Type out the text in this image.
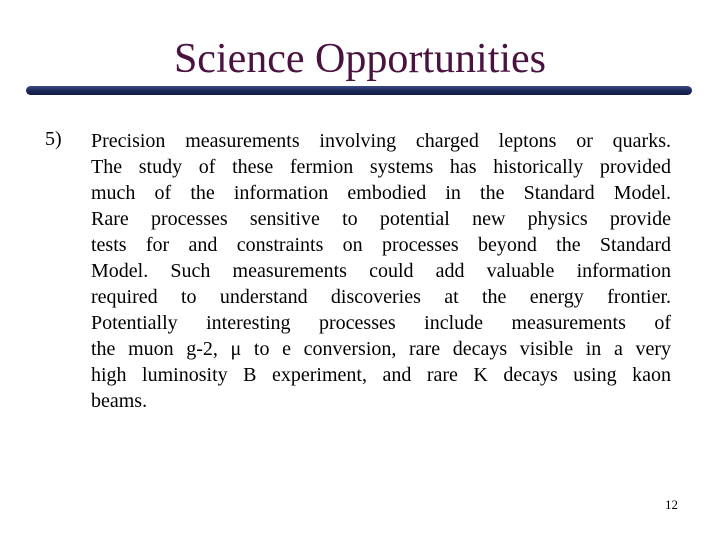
Science Opportunities
5) Precision measurements involving charged leptons or quarks.
The study of these fermion systems has historically provided
much of the information embodied in the Standard Model.
Rare processes sensitive to potential new physics provide
tests for and constraints on processes beyond the Standard
Model. Such measurements could add valuable information
required to understand discoveries at the energy frontier.
Potentially interesting processes include measurements of
the muon g-2, μ to e conversion, rare decays visible in a very
high luminosity B experiment, and rare K decays using kaon
beams.
12
